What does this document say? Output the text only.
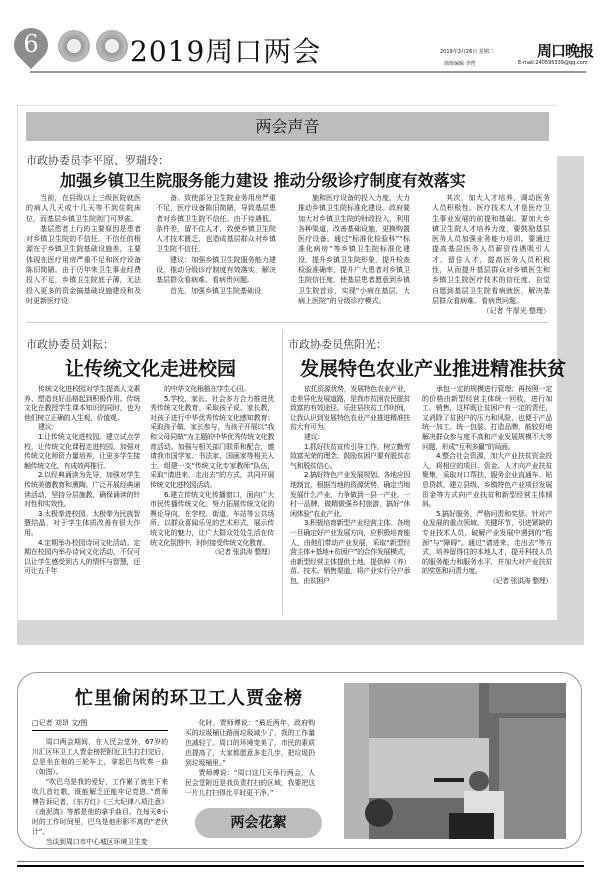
6	2019周口两会	2019年3月26日 星期二	周口晚报
值班编辑 李哲	E-mail:240595339@qq.com
两会声音
市政协委员李平原、罗瑞玲：
加强乡镇卫生院服务能力建设 推动分级诊疗制度有效落实

当前，在县级以上三级医院就医的病人几天或十几天等不到住院床位，而基层乡镇卫生院则门可罗雀。

基层患者上行的主要原因是患者对乡镇卫生院的不信任。不信任的根源在于乡镇卫生院基础设施差，主要体现在医疗用房严重不足和医疗设备陈旧简陋。由于历年来卫生事业经费投入不足，乡镇卫生院底子薄，无法投入更多的资金搞基础设施建设和及时更新医疗设

备。致使部分卫生院业务用房严重不足，医疗设备陈旧简陋，导致基层患者对乡镇卫生院不信任。由于待遇低、条件差，留不住人才，致使乡镇卫生院人才技术匮乏，也造成基层群众对乡镇卫生院不信任。

建议：加强乡镇卫生院服务能力建设，推动分级诊疗制度有效落实，解决基层群众看病难、看病贵问题。

首先，加强乡镇卫生院基础设

施和医疗设备的投入力度，大力推动乡镇卫生院标准化建设。政府要加大对乡镇卫生院的财政投入，利用各种渠道，改善基础设施，更换购置医疗设备。通过“标准化检验科”“标准化病房”等乡镇卫生院标准化建设，提升乡镇卫生院形象，提升检查检验准确率，提升广大患者对乡镇卫生院信任度，使基层患者愿意到乡镇卫生院首诊，实现“小病在基层，大病上医院”的分级诊疗模式。

其次，加大人才培养，调动医务人员积极性。医疗技术人才是医疗卫生事业发展的前提和基础。要加大乡镇卫生院人才培养力度，要鼓励基层医务人员加强业务能力培训。要通过提高基层医务人员薪资待遇吸引人才、留住人才，提高医务人员积极性，从而提升基层群众对乡镇医生和乡镇卫生院医疗技术的信任度，自觉自愿到基层卫生院看病就医，解决基层群众看病难、看病贵问题。

（记者 牛厚光 整理）

市政协委员刘耘：
让传统文化走进校园

传统文化进校园对学生提高人文素养、塑造良好品格起到积极作用。传统文化在教授学生课本知识的同时，也为他们树立正确的人生观、价值观。

建议：

1.让传统文化进校园。建立试点学校，让传统文化课程走进校园，加强对传统文化师资力量培养，让更多学生接触传统文化，有成效再推行。

2.以经典诵读为先导，加强对学生传统美德教育和熏陶。广泛开展经典诵读活动，坚持分层施教，确保诵读的针对性和实效性。

3.太极拳进校园。太极拳为民族智慧结晶，对于学生体质改善有很大作用。

4.定期举办校园诗词文化活动。定期在校园内举办诗词文化活动，不仅可以让学生感受到古人的情怀与智慧，还可让五千年

的中华文化根植在学生心田。

5.学校、家长、社会多方合力推进优秀传统文化教育。采取孩子说、家长教，对孩子进行中华优秀传统文化感知教育；采取孩子做、家长参与，为孩子开展以“我和父母同做”为主题的中华优秀传统文化教育活动。加强与相关部门联系和配合，邀请我市国学家、书法家、国画家等相关人士，组建一支“传统文化专家教师”队伍，采取“请进来、走出去”的方式，共同开展传统文化进校园活动。

6.建立传统文化传播窗口，面向广大市民传播传统文化。努力拓展传统文化的舆论导向，在学校、街道、车站等公共场所，以群众喜闻乐见的艺术形式，展示传统文化的魅力，让广大群众处处生活在传统文化氛围中，时时接受传统文化教育。

（记者 张洪涛 整理）

市政协委员焦阳光：
发展特色农业产业推进精准扶贫

依托资源优势，发展特色农业产业，走差异化发展道路，是我市贫困农民脱贫致富的有效途径。乐驻县扶贫工作时间，让我认识到发展特色农业产业推进精准扶贫大有可为。

建议：

1.抓好扶贫宣传引导工作，树立勤劳致富光荣的理念，鼓励贫困户要有脱贫志气和脱贫信心。

2.搞好特色产业发展规划。各地应因地制宜，根据当地的资源优势，确定当地发展什么产业，力争做到一县一产业、一村一品牌，做精做强乡村旅游，搞好“休闲体验”农业产业。

3.积极培育新型产业经营主体。各地一旦确定好产业发展方向，应积极培育能人，由他们带动产业发展，采取“新型经营主体+基地+贫困户”的合作发展模式，由新型经营主体提供土地，提供种（养）苗、技术、销售渠道，将产业实行分户承包，由贫困户

承包一定的规模进行管理；再按照一定的价格由新型经营主体统一回收，进行加工、销售，这样既让贫困户有一定的责任，又消除了贫困户的压力和风险，也便于产品统一加工、统一包装、打造品牌，能较好地解决群众参与度不高和产业发展规模不大等问题，形成“互利多赢”的局面。

4.整合社会资源，加大产业扶贫资金投入，将相应的项目、资金、人才向产业扶贫聚集，采取对口帮扶、服务企业直通车、贴息贷款、建立县级、乡镇特色产业项目发展资金等方式向产业扶贫和新型经营主体倾斜。

5.搞好服务，严格问责和奖惩。针对产业发展的重点领域、关键环节，引进紧缺的专业技术人员，破解产业发展中遇到的“瓶颈”与“障碍”。通过“请进来、走出去”等方式，培养留得住的本地人才，提升科技人员的服务能力和服务水平，并加大对产业扶贫的奖惩和问责力度。

（记者 张洪涛 整理）

忙里偷闲的环卫工人贾金榜
□记者 刘昂 文/图

周口两会期间，在人民会堂外，67岁的川汇区环卫工人贾金榜把附近卫生打扫完后，总是坐在他的三轮车上，拿起巴乌吹奏一曲（如图）。

“吹巴乌是我的爱好，工作累了就坐下来吹几首红歌，既能解乏还能牢记党恩。”贾师傅告诉记者，《东方红》《三大纪律八项注意》《南泥湾》等都是他的拿手曲目。在每天8小时的工作时间里，巴乌是他形影不离的“老伙计”。

当谈到周口市中心城区环境卫生变

化时，贾师傅说：“最近两年，政府购买的垃圾桶让路面垃圾减少了，我的工作量也减轻了。周口的环境变美了，市民的素质也提高了，大家都愿意多走几步，把垃圾扔到垃圾桶里。”

贾师傅说：“周口这几天举行两会，人民会堂附近是我负责打扫的区域，我要把这一片儿打扫得比平时更干净。”

两会花絮
